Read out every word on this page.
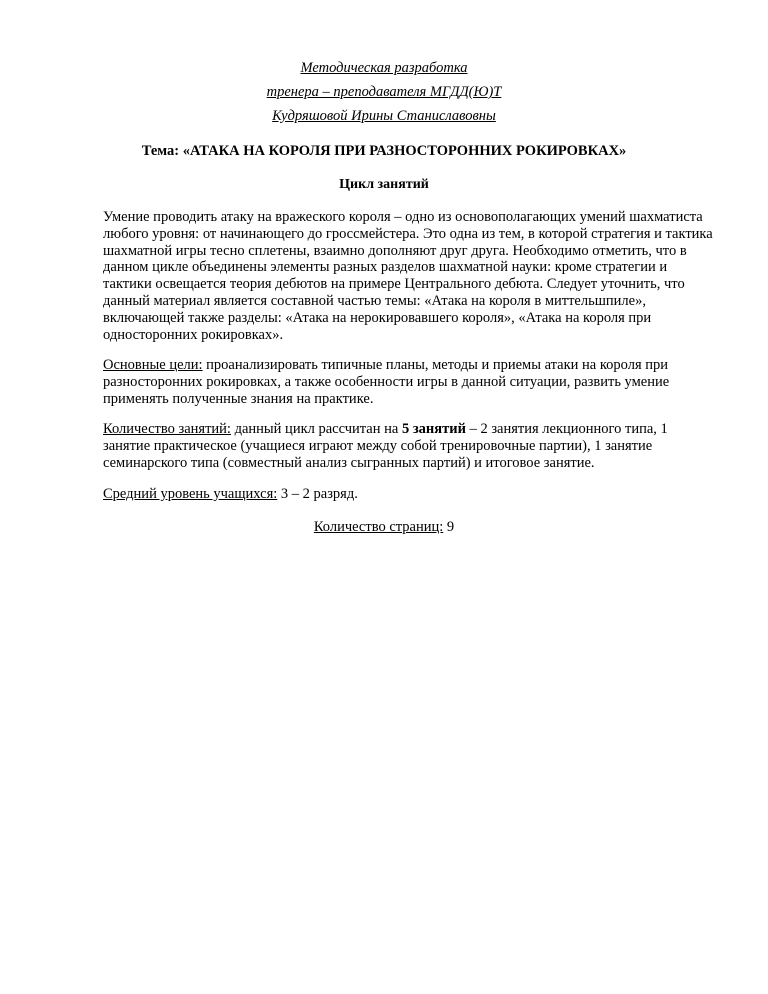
Методическая разработка
тренера – преподавателя МГДД(Ю)Т
Кудряшовой Ирины Станиславовны
Тема: «АТАКА НА КОРОЛЯ ПРИ РАЗНОСТОРОННИХ РОКИРОВКАХ»
Цикл занятий
Умение проводить атаку на вражеского короля – одно из основополагающих умений шахматиста любого уровня: от начинающего до гроссмейстера. Это одна из тем, в которой стратегия и тактика шахматной игры тесно сплетены, взаимно дополняют друг друга. Необходимо отметить, что в данном цикле объединены элементы разных разделов шахматной науки: кроме стратегии и тактики освещается теория дебютов на примере Центрального дебюта. Следует уточнить, что данный материал является составной частью темы: «Атака на короля в миттельшпиле», включающей также разделы: «Атака на нерокировавшего короля», «Атака на короля при односторонних рокировках».
Основные цели: проанализировать типичные планы, методы и приемы атаки на короля при разносторонних рокировках, а также особенности игры в данной ситуации, развить умение применять полученные знания на практике.
Количество занятий: данный цикл рассчитан на 5 занятий – 2 занятия лекционного типа, 1 занятие практическое (учащиеся играют между собой тренировочные партии), 1 занятие семинарского типа (совместный анализ сыгранных партий) и итоговое занятие.
Средний уровень учащихся: 3 – 2 разряд.
Количество страниц: 9
